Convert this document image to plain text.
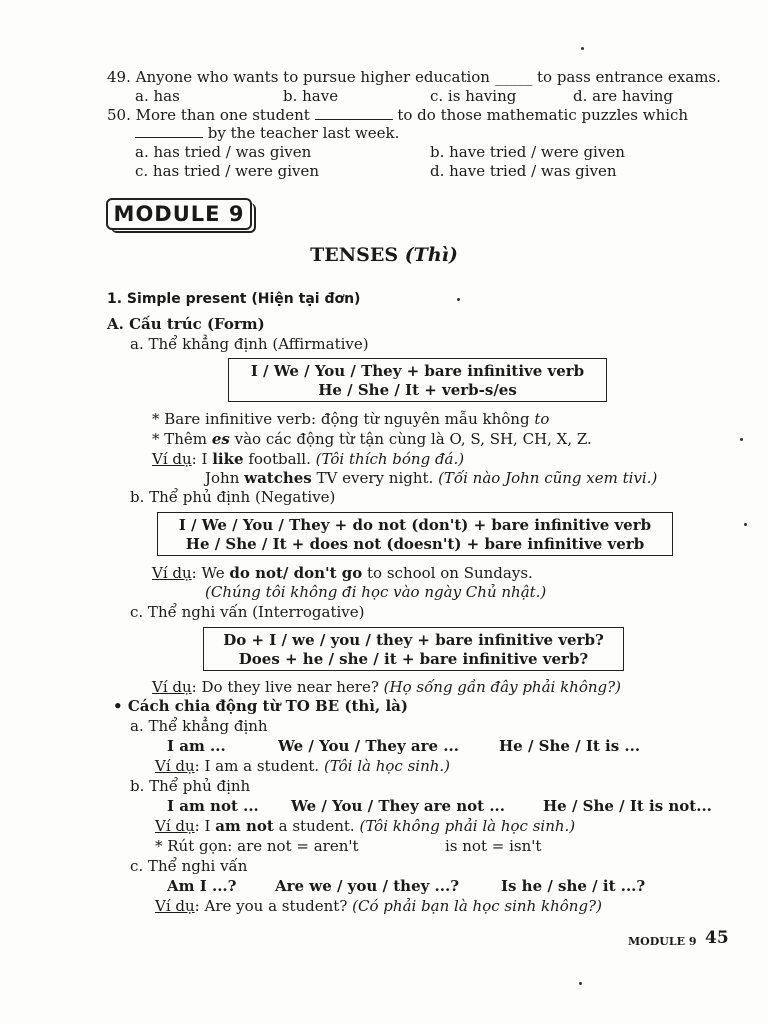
49. Anyone who wants to pursue higher education _____ to pass entrance exams.
a. has	b. have	c. is having	d. are having
50. More than one student	to do those mathematic puzzles which
by the teacher last week.
a. has tried / was given	b. have tried / were given
c. has tried / were given	d. have tried / was given
MODULE 9
TENSES (Thì)
1. Simple present (Hiện tại đơn)
A. Cấu trúc (Form)
a. Thể khẳng định (Affirmative)
I / We / You / They + bare infinitive verb
He / She / It + verb-s/es
* Bare infinitive verb: động từ nguyên mẫu không to
* Thêm es vào các động từ tận cùng là O, S, SH, CH, X, Z.
Ví dụ: I like football. (Tôi thích bóng đá.)
John watches TV every night. (Tối nào John cũng xem tivi.)
b. Thể phủ định (Negative)
I / We / You / They + do not (don't) + bare infinitive verb
He / She / It + does not (doesn't) + bare infinitive verb
Ví dụ: We do not/ don't go to school on Sundays.
(Chúng tôi không đi học vào ngày Chủ nhật.)
c. Thể nghi vấn (Interrogative)
Do + I / we / you / they + bare infinitive verb?
Does + he / she / it + bare infinitive verb?
Ví dụ: Do they live near here? (Họ sống gần đây phải không?)
• Cách chia động từ TO BE (thì, là)
a. Thể khẳng định
I am ...	We / You / They are ...	He / She / It is ...
Ví dụ: I am a student. (Tôi là học sinh.)
b. Thể phủ định
I am not ... We / You / They are not ...	He / She / It is not...
Ví dụ: I am not a student. (Tôi không phải là học sinh.)
* Rút gọn: are not = aren't	is not = isn't
c. Thể nghi vấn
Am I ...?	Are we / you / they ...?	Is he / she / it ...?
Ví dụ: Are you a student? (Có phải bạn là học sinh không?)
MODULE 9 45
